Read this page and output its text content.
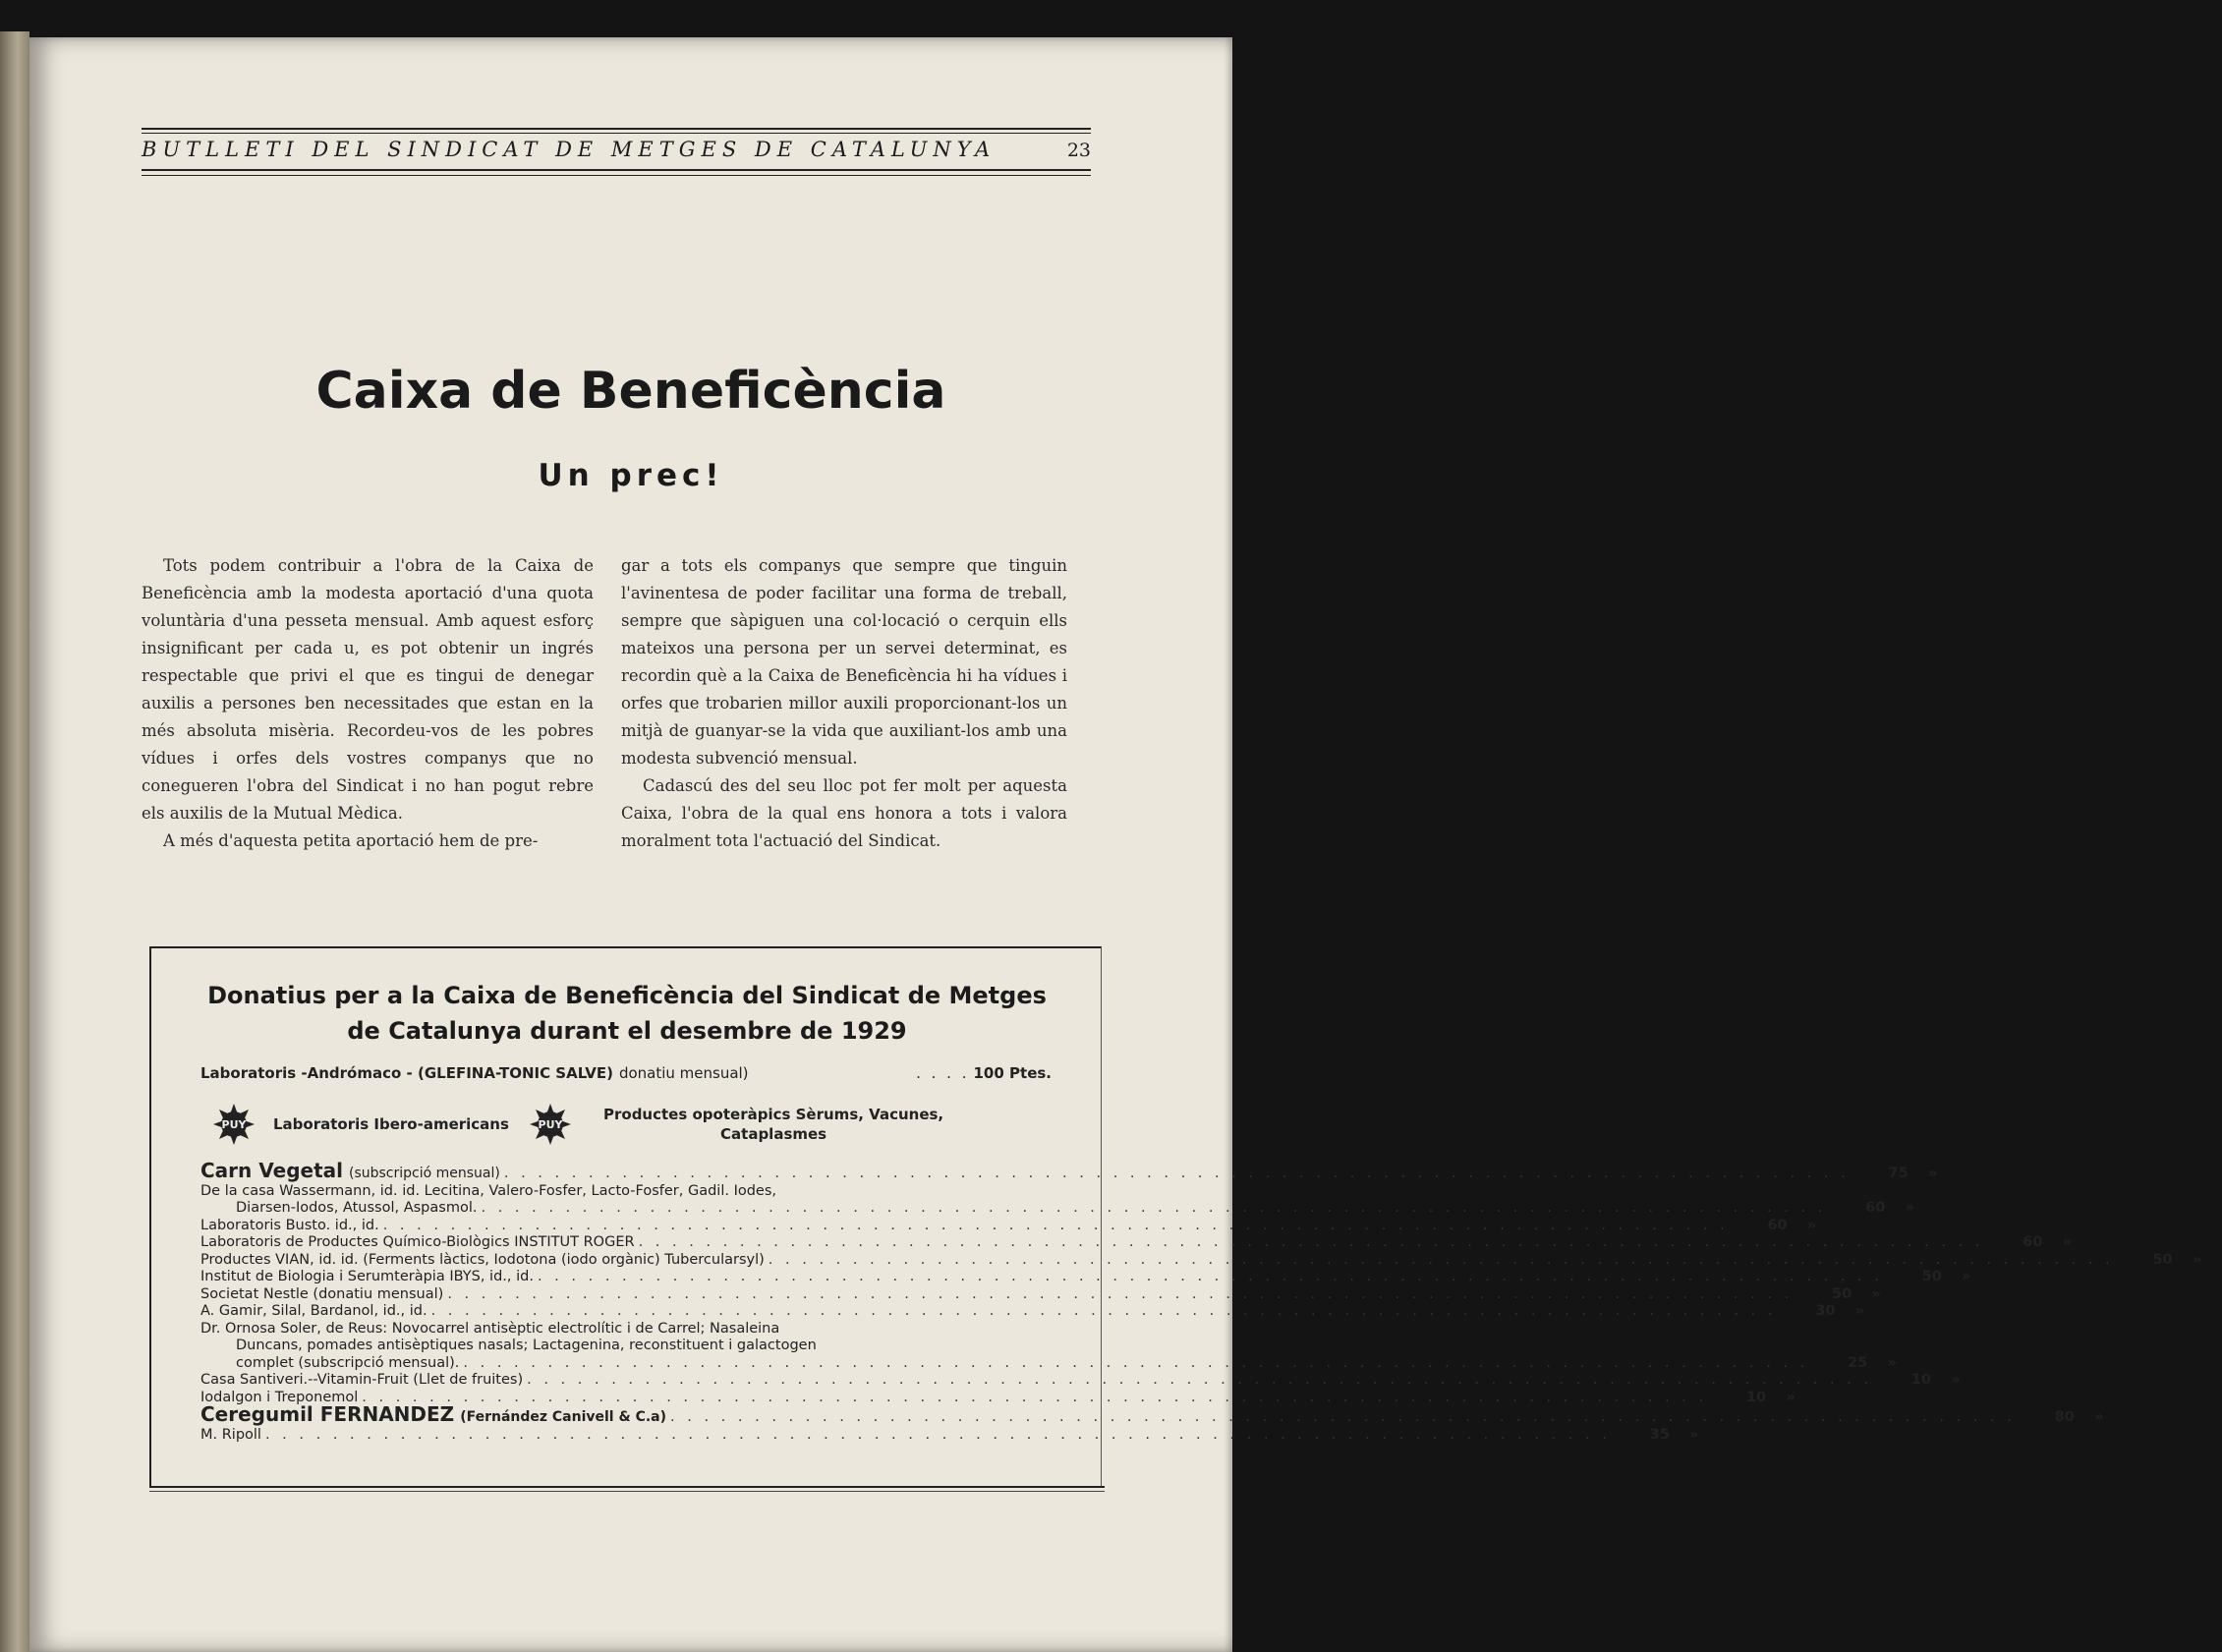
BUTLLETI DEL SINDICAT DE METGES DE CATALUNYA	23
Caixa de Beneficència
Un prec!

Tots podem contribuir a l'obra de la Caixa de Beneficència amb la modesta aportació d'una quota voluntària d'una pesseta mensual. Amb aquest esforç insignificant per cada u, es pot obtenir un ingrés respectable que privi el que es tingui de denegar auxilis a persones ben necessitades que estan en la més absoluta misèria. Recordeu-vos de les pobres vídues i orfes dels vostres companys que no conegueren l'obra del Sindicat i no han pogut rebre els auxilis de la Mutual Mèdica.

A més d'aquesta petita aportació hem de pre-

gar a tots els companys que sempre que tinguin l'avinentesa de poder facilitar una forma de treball, sempre que sàpiguen una col·locació o cerquin ells mateixos una persona per un servei determinat, es recordin què a la Caixa de Beneficència hi ha vídues i orfes que trobarien millor auxili proporcionant-los un mitjà de guanyar-se la vida que auxiliant-los amb una modesta subvenció mensual.

Cadascú des del seu lloc pot fer molt per aquesta Caixa, l'obra de la qual ens honora a tots i valora moralment tota l'actuació del Sindicat.

Donatius per a la Caixa de Beneficència del Sindicat de Metges
de Catalunya durant el desembre de 1929
Laboratoris -Andrómaco - (GLEFINA-TONIC SALVE) donatiu mensual)	. . . . 100 Ptes.
PUY Laboratoris Ibero-americans	PUY
Productes opoteràpics Sèrums, Vacunes,
Cataplasmes
Carn Vegetal (subscripció mensual) . . . . . . . . . . . . . . . . . . . . . . . . . . . . . . . . . . . . . . . . . . . . . . . . . . . . . . . . . . . . . . . . . . . . . . . . . . . . . . . .	75	»
De la casa Wassermann, id. id. Lecitina, Valero-Fosfer, Lacto-Fosfer, Gadil. Iodes,
Diarsen-Iodos, Atussol, Aspasmol. . . . . . . . . . . . . . . . . . . . . . . . . . . . . . . . . . . . . . . . . . . . . . . . . . . . . . . . . . . . . . . . . . . . . . . . . . . . . . . . .	60	»
Laboratoris Busto. id., id. . . . . . . . . . . . . . . . . . . . . . . . . . . . . . . . . . . . . . . . . . . . . . . . . . . . . . . . . . . . . . . . . . . . . . . . . . . . . . . . .	60	»
Laboratoris de Productes Químico-Biològics INSTITUT ROGER . . . . . . . . . . . . . . . . . . . . . . . . . . . . . . . . . . . . . . . . . . . . . . . . . . . . . . . . . . . . . . . . . . . . . . . . . . . . . . . .	60	»
Productes VIAN, id. id. (Ferments làctics, Iodotona (iodo orgànic) Tubercularsyl) . . . . . . . . . . . . . . . . . . . . . . . . . . . . . . . . . . . . . . . . . . . . . . . . . . . . . . . . . . . . . . . . . . . . . . . . . . . . . . . .	50	»
Institut de Biologia i Serumteràpia IBYS, id., id. . . . . . . . . . . . . . . . . . . . . . . . . . . . . . . . . . . . . . . . . . . . . . . . . . . . . . . . . . . . . . . . . . . . . . . . . . . . . . . . .	50	»
Societat Nestle (donatiu mensual) . . . . . . . . . . . . . . . . . . . . . . . . . . . . . . . . . . . . . . . . . . . . . . . . . . . . . . . . . . . . . . . . . . . . . . . . . . . . . . . .	50	»
A. Gamir, Silal, Bardanol, id., id. . . . . . . . . . . . . . . . . . . . . . . . . . . . . . . . . . . . . . . . . . . . . . . . . . . . . . . . . . . . . . . . . . . . . . . . . . . . . . . . .	30	»
Dr. Ornosa Soler, de Reus: Novocarrel antisèptic electrolític i de Carrel; Nasaleina
Duncans, pomades antisèptiques nasals; Lactagenina, reconstituent i galactogen
complet (subscripció mensual). . . . . . . . . . . . . . . . . . . . . . . . . . . . . . . . . . . . . . . . . . . . . . . . . . . . . . . . . . . . . . . . . . . . . . . . . . . . . . . . .	25	»
Casa Santiveri.--Vitamin-Fruit (Llet de fruites) . . . . . . . . . . . . . . . . . . . . . . . . . . . . . . . . . . . . . . . . . . . . . . . . . . . . . . . . . . . . . . . . . . . . . . . . . . . . . . . .	10	»
Iodalgon i Treponemol . . . . . . . . . . . . . . . . . . . . . . . . . . . . . . . . . . . . . . . . . . . . . . . . . . . . . . . . . . . . . . . . . . . . . . . . . . . . . . . .	10	»
Ceregumil FERNANDEZ (Fernández Canivell & C.a) . . . . . . . . . . . . . . . . . . . . . . . . . . . . . . . . . . . . . . . . . . . . . . . . . . . . . . . . . . . . . . . . . . . . . . . . . . . . . . . .	80	»
M. Ripoll . . . . . . . . . . . . . . . . . . . . . . . . . . . . . . . . . . . . . . . . . . . . . . . . . . . . . . . . . . . . . . . . . . . . . . . . . . . . . . . .	35	»
